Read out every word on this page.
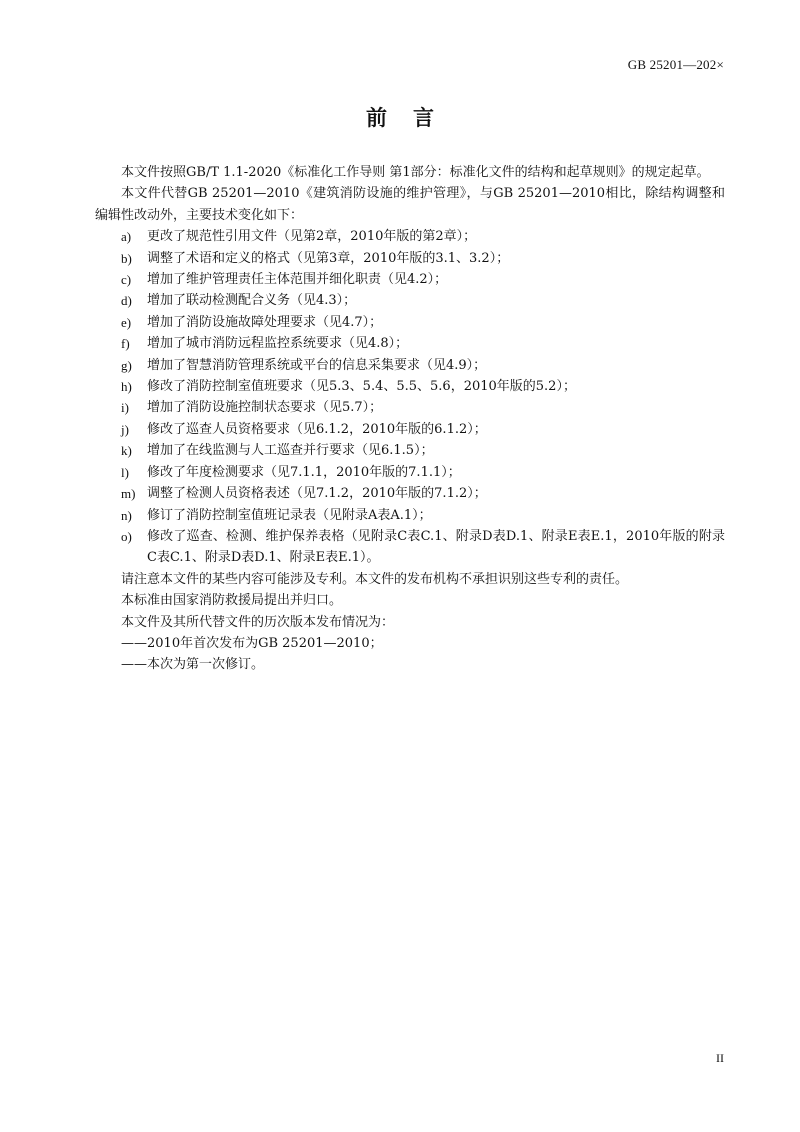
GB 25201—202×
前言

本文件按照GB/T 1.1-2020《标准化工作导则 第1部分：标准化文件的结构和起草规则》的规定起草。

本文件代替GB 25201—2010《建筑消防设施的维护管理》，与GB 25201—2010相比，除结构调整和编辑性改动外，主要技术变化如下：

a)	更改了规范性引用文件（见第2章，2010年版的第2章）；
b)	调整了术语和定义的格式（见第3章，2010年版的3.1、3.2）；
c)	增加了维护管理责任主体范围并细化职责（见4.2）；
d)	增加了联动检测配合义务（见4.3）；
e)	增加了消防设施故障处理要求（见4.7）；
f)	增加了城市消防远程监控系统要求（见4.8）；
g)	增加了智慧消防管理系统或平台的信息采集要求（见4.9）；
h)	修改了消防控制室值班要求（见5.3、5.4、5.5、5.6，2010年版的5.2）；
i)	增加了消防设施控制状态要求（见5.7）；
j)	修改了巡查人员资格要求（见6.1.2，2010年版的6.1.2）；
k)	增加了在线监测与人工巡查并行要求（见6.1.5）；
l)	修改了年度检测要求（见7.1.1，2010年版的7.1.1）；
m) 调整了检测人员资格表述（见7.1.2，2010年版的7.1.2）；
n)	修订了消防控制室值班记录表（见附录A表A.1）；
o)	修改了巡查、检测、维护保养表格（见附录C表C.1、附录D表D.1、附录E表E.1，2010年版的附录C表C.1、附录D表D.1、附录E表E.1）。

请注意本文件的某些内容可能涉及专利。本文件的发布机构不承担识别这些专利的责任。

本标准由国家消防救援局提出并归口。

本文件及其所代替文件的历次版本发布情况为：

——2010年首次发布为GB 25201—2010；

——本次为第一次修订。

II
